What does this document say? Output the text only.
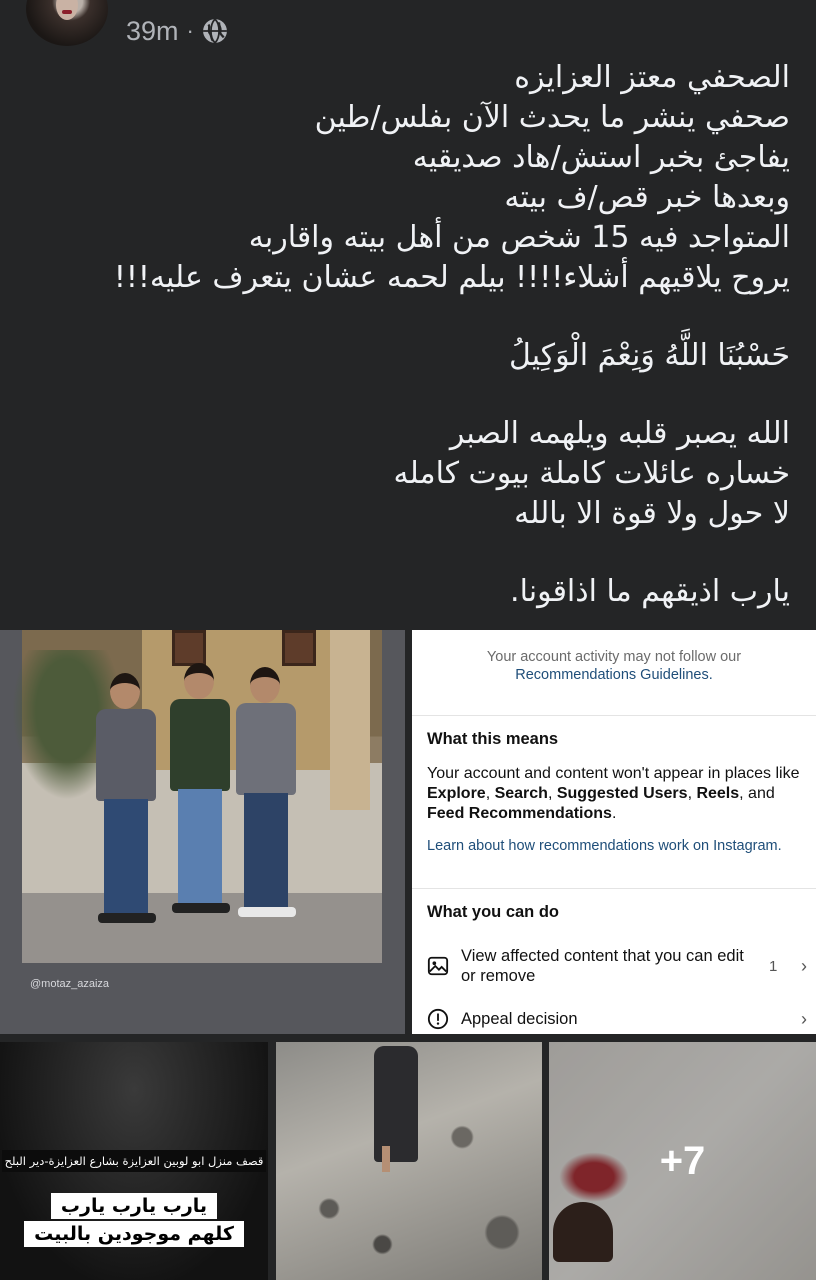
39m ·

الصحفي معتز العزايزه

صحفي ينشر ما يحدث الآن بفلس/طين

يفاجئ بخبر استش/هاد صديقيه

وبعدها خبر قص/ف بيته

المتواجد فيه 15 شخص من أهل بيته واقاربه

يروح يلاقيهم أشلاء!!!! بيلم لحمه عشان يتعرف عليه!!!

حَسْبُنَا اللَّهُ وَنِعْمَ الْوَكِيلُ

الله يصبر قلبه ويلهمه الصبر

خساره عائلات كاملة بيوت كامله

لا حول ولا قوة الا بالله

يارب اذيقهم ما اذاقونا.

@motaz_azaiza
Your account activity may not follow our
Recommendations Guidelines.
What this means
Your account and content won't appear in places like Explore, Search, Suggested Users, Reels, and Feed Recommendations.
Learn about how recommendations work on Instagram.
What you can do
View affected content that you can edit or remove
1 ›
Appeal decision	›
قصف منزل ابو لوبين العزايزة بشارع العزايزة-دير البلح
يارب يارب يارب
كلهم موجودين بالبيت
+7
